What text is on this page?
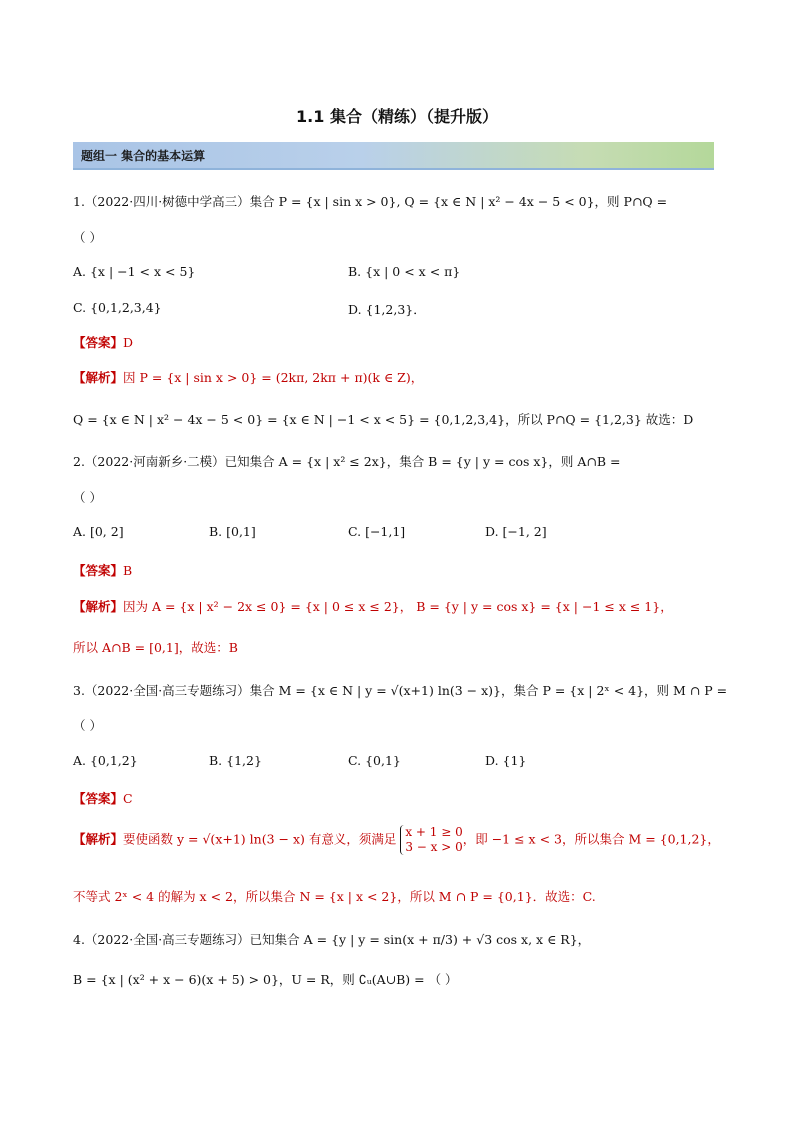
1.1 集合（精练）（提升版）
题组一 集合的基本运算
1.（2022·四川·树德中学高三）集合 P = {x | sin x > 0}, Q = {x ∈ N | x² − 4x − 5 < 0}，则 P∩Q =
（ ）
A. {x | −1 < x < 5}	B. {x | 0 < x < π}
C. {0,1,2,3,4}	D. {1,2,3}．
【答案】D
【解析】因 P = {x | sin x > 0} = (2kπ, 2kπ + π)(k ∈ Z)，
Q = {x ∈ N | x² − 4x − 5 < 0} = {x ∈ N | −1 < x < 5} = {0,1,2,3,4}，所以 P∩Q = {1,2,3} 故选：D
2.（2022·河南新乡·二模）已知集合 A = {x | x² ≤ 2x}，集合 B = {y | y = cos x}，则 A∩B =
（ ）
A. [0, 2]	B. [0,1]	C. [−1,1]	D. [−1, 2]
【答案】B
【解析】因为 A = {x | x² − 2x ≤ 0} = {x | 0 ≤ x ≤ 2}， B = {y | y = cos x} = {x | −1 ≤ x ≤ 1}，
所以 A∩B = [0,1]，故选：B
3.（2022·全国·高三专题练习）集合 M = {x ∈ N | y = √(x+1) ln(3 − x)}，集合 P = {x | 2ˣ < 4}，则 M ∩ P =
（ ）
A. {0,1,2}	B. {1,2}	C. {0,1}	D. {1}
【答案】C
【解析】要使函数 y = √(x+1) ln(3 − x) 有意义，须满足 x + 1 ≥ 0
3 − x > 0
，即 −1 ≤ x < 3，所以集合 M = {0,1,2}，
不等式 2ˣ < 4 的解为 x < 2，所以集合 N = {x | x < 2}，所以 M ∩ P = {0,1}．故选：C.
4.（2022·全国·高三专题练习）已知集合 A = {y | y = sin(x + π/3) + √3 cos x, x ∈ R}，
B = {x | (x² + x − 6)(x + 5) > 0}，U = R，则 ∁ᵤ(A∪B) = （ ）
